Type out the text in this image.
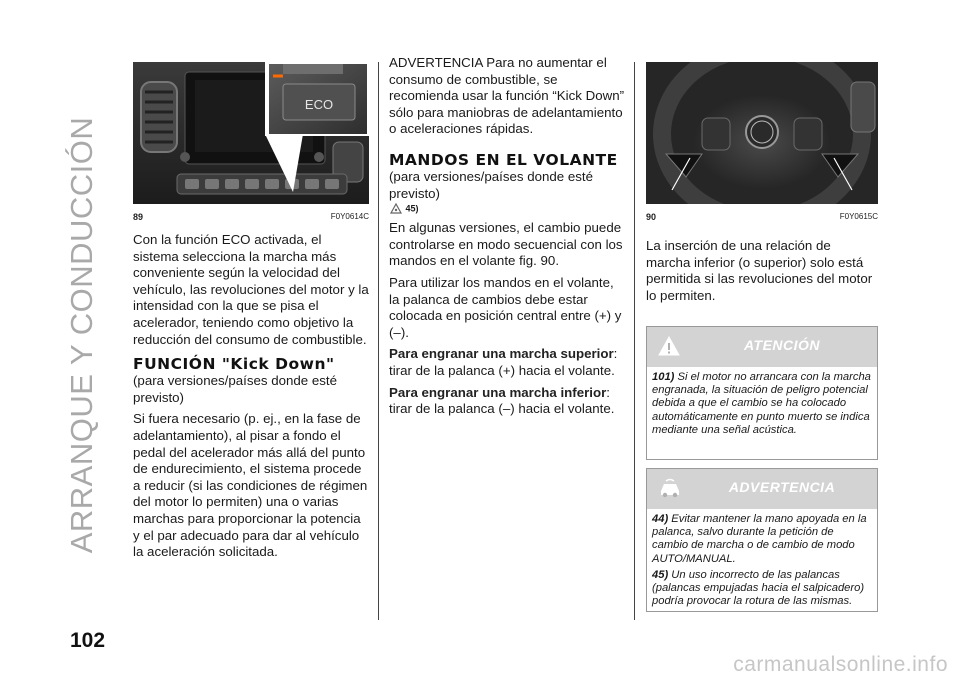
ARRANQUE Y CONDUCCIÓN
ECO
89	F0Y0614C

Con la función ECO activada, el sistema selecciona la marcha más conveniente según la velocidad del vehículo, las revoluciones del motor y la intensidad con la que se pisa el acelerador, teniendo como objetivo la reducción del consumo de combustible.

FUNCIÓN "Kick Down"

(para versiones/países donde esté previsto)

Si fuera necesario (p. ej., en la fase de adelantamiento), al pisar a fondo el pedal del acelerador más allá del punto de endurecimiento, el sistema procede a reducir (si las condiciones de régimen del motor lo permiten) una o varias marchas para proporcionar la potencia y el par adecuado para dar al vehículo la aceleración solicitada.

ADVERTENCIA Para no aumentar el consumo de combustible, se recomienda usar la función “Kick Down” sólo para maniobras de adelantamiento o aceleraciones rápidas.

MANDOS EN EL VOLANTE

(para versiones/países donde esté previsto)

45)

En algunas versiones, el cambio puede controlarse en modo secuencial con los mandos en el volante fig. 90.

Para utilizar los mandos en el volante, la palanca de cambios debe estar colocada en posición central entre (+) y (–).

Para engranar una marcha superior: tirar de la palanca (+) hacia el volante.

Para engranar una marcha inferior: tirar de la palanca (–) hacia el volante.

90	F0Y0615C

La inserción de una relación de marcha inferior (o superior) solo está permitida si las revoluciones del motor lo permiten.

ATENCIÓN

101) Si el motor no arrancara con la marcha engranada, la situación de peligro potencial debida a que el cambio se ha colocado automáticamente en punto muerto se indica mediante una señal acústica.

ADVERTENCIA

44) Evitar mantener la mano apoyada en la palanca, salvo durante la petición de cambio de marcha o de cambio de modo AUTO/MANUAL.

45) Un uso incorrecto de las palancas (palancas empujadas hacia el salpicadero) podría provocar la rotura de las mismas.

102
carmanualsonline.info
